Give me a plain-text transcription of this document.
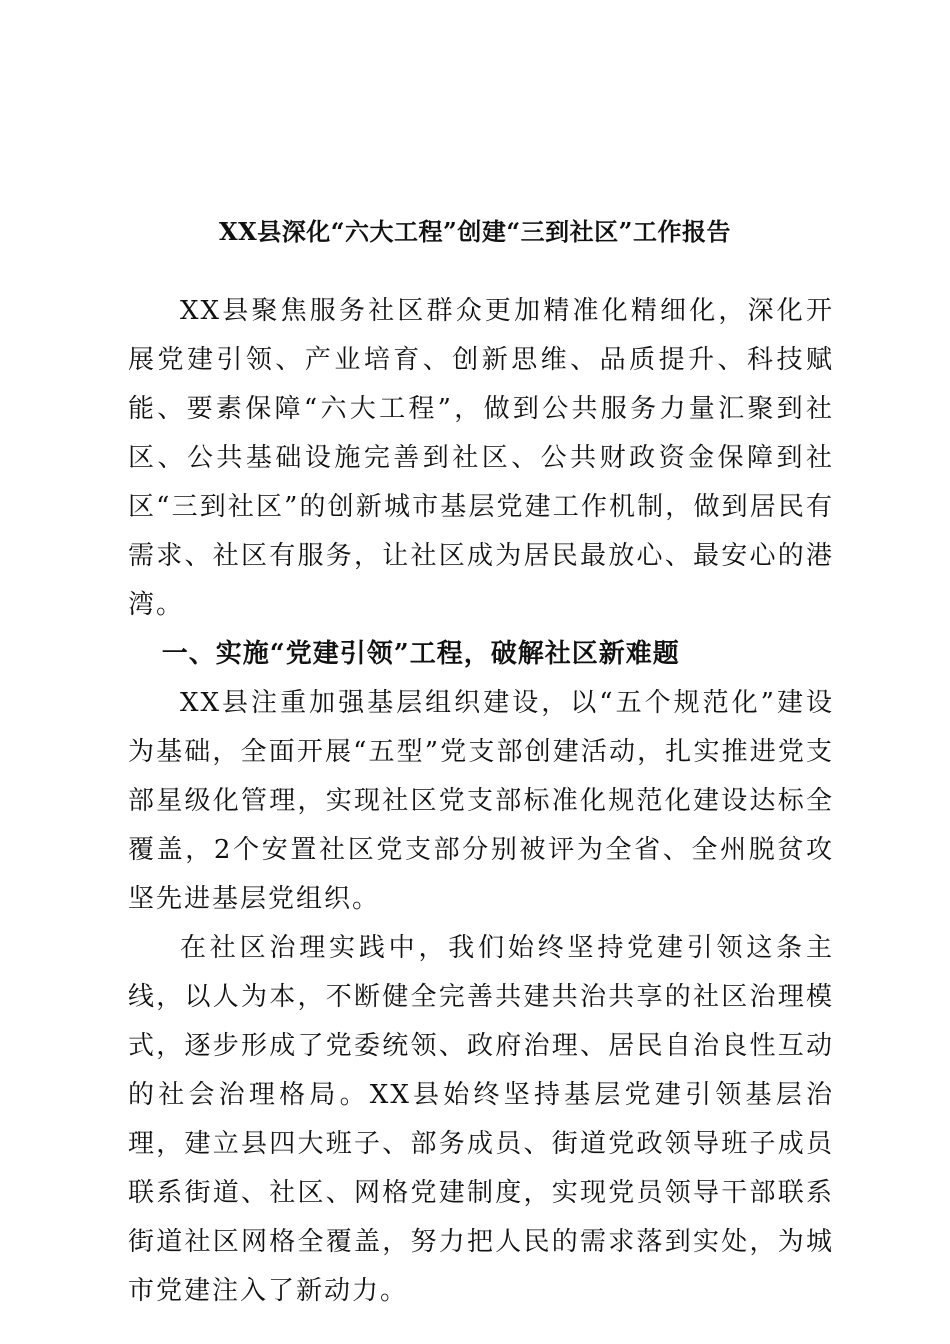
XX县深化“六大工程”创建“三到社区”工作报告

XX县聚焦服务社区群众更加精准化精细化，深化开展党建引领、产业培育、创新思维、品质提升、科技赋能、要素保障“六大工程”，做到公共服务力量汇聚到社区、公共基础设施完善到社区、公共财政资金保障到社区“三到社区”的创新城市基层党建工作机制，做到居民有需求、社区有服务，让社区成为居民最放心、最安心的港湾。

一、实施“党建引领”工程，破解社区新难题

XX县注重加强基层组织建设，以“五个规范化”建设为基础，全面开展“五型”党支部创建活动，扎实推进党支部星级化管理，实现社区党支部标准化规范化建设达标全覆盖，2个安置社区党支部分别被评为全省、全州脱贫攻坚先进基层党组织。

在社区治理实践中，我们始终坚持党建引领这条主线，以人为本，不断健全完善共建共治共享的社区治理模式，逐步形成了党委统领、政府治理、居民自治良性互动的社会治理格局。XX县始终坚持基层党建引领基层治理，建立县四大班子、部务成员、街道党政领导班子成员联系街道、社区、网格党建制度，实现党员领导干部联系街道社区网格全覆盖，努力把人民的需求落到实处，为城市党建注入了新动力。
